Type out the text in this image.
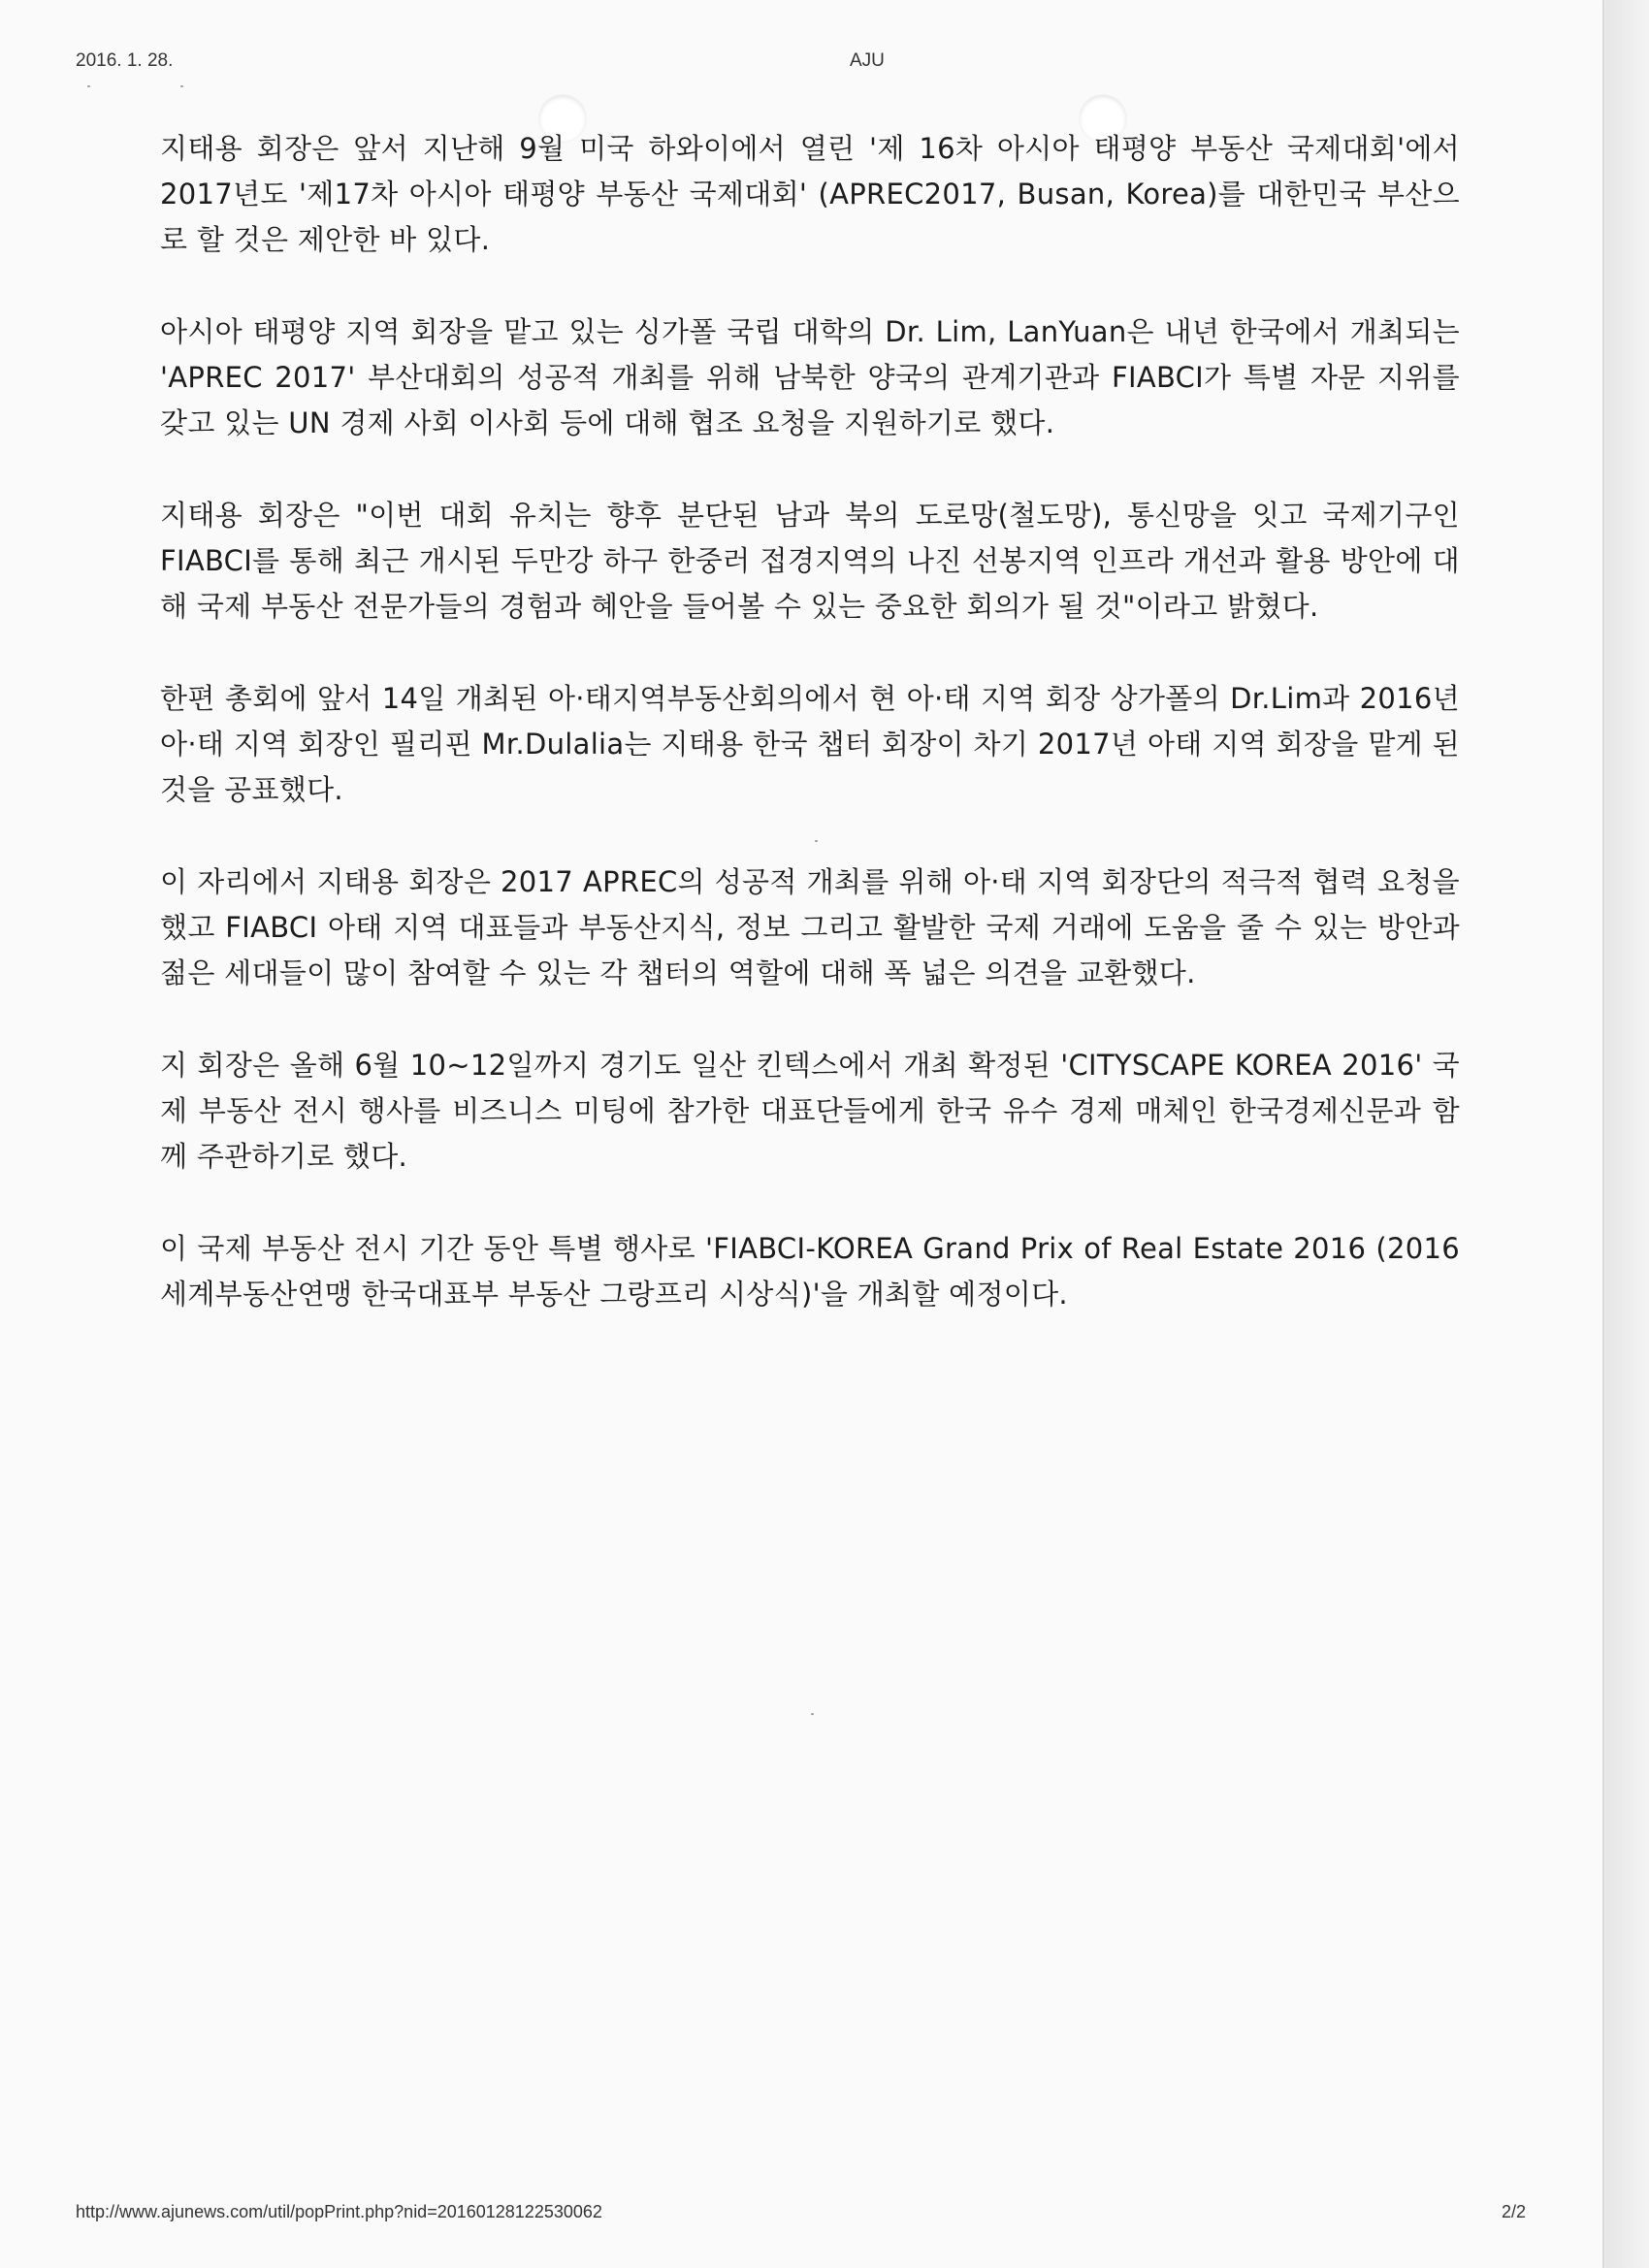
2016. 1. 28.	AJU

지태용 회장은 앞서 지난해 9월 미국 하와이에서 열린 '제 16차 아시아 태평양 부동산 국제대회'에서 2017년도 '제17차 아시아 태평양 부동산 국제대회' (APREC2017, Busan, Korea)를 대한민국 부산으로 할 것은 제안한 바 있다.

아시아 태평양 지역 회장을 맡고 있는 싱가폴 국립 대학의 Dr. Lim, LanYuan은 내년 한국에서 개최되는 'APREC 2017' 부산대회의 성공적 개최를 위해 남북한 양국의 관계기관과 FIABCI가 특별 자문 지위를 갖고 있는 UN 경제 사회 이사회 등에 대해 협조 요청을 지원하기로 했다.

지태용 회장은 "이번 대회 유치는 향후 분단된 남과 북의 도로망(철도망), 통신망을 잇고 국제기구인 FIABCI를 통해 최근 개시된 두만강 하구 한중러 접경지역의 나진 선봉지역 인프라 개선과 활용 방안에 대해 국제 부동산 전문가들의 경험과 혜안을 들어볼 수 있는 중요한 회의가 될 것"이라고 밝혔다.

한편 총회에 앞서 14일 개최된 아·태지역부동산회의에서 현 아·태 지역 회장 상가폴의 Dr.Lim과 2016년 아·태 지역 회장인 필리핀 Mr.Dulalia는 지태용 한국 챕터 회장이 차기 2017년 아태 지역 회장을 맡게 된 것을 공표했다.

이 자리에서 지태용 회장은 2017 APREC의 성공적 개최를 위해 아·태 지역 회장단의 적극적 협력 요청을 했고 FIABCI 아태 지역 대표들과 부동산지식, 정보 그리고 활발한 국제 거래에 도움을 줄 수 있는 방안과 젊은 세대들이 많이 참여할 수 있는 각 챕터의 역할에 대해 폭 넓은 의견을 교환했다.

지 회장은 올해 6월 10~12일까지 경기도 일산 킨텍스에서 개최 확정된 'CITYSCAPE KOREA 2016' 국제 부동산 전시 행사를 비즈니스 미팅에 참가한 대표단들에게 한국 유수 경제 매체인 한국경제신문과 함께 주관하기로 했다.

이 국제 부동산 전시 기간 동안 특별 행사로 'FIABCI-KOREA Grand Prix of Real Estate 2016 (2016 세계부동산연맹 한국대표부 부동산 그랑프리 시상식)'을 개최할 예정이다.

http://www.ajunews.com/util/popPrint.php?nid=20160128122530062	2/2
